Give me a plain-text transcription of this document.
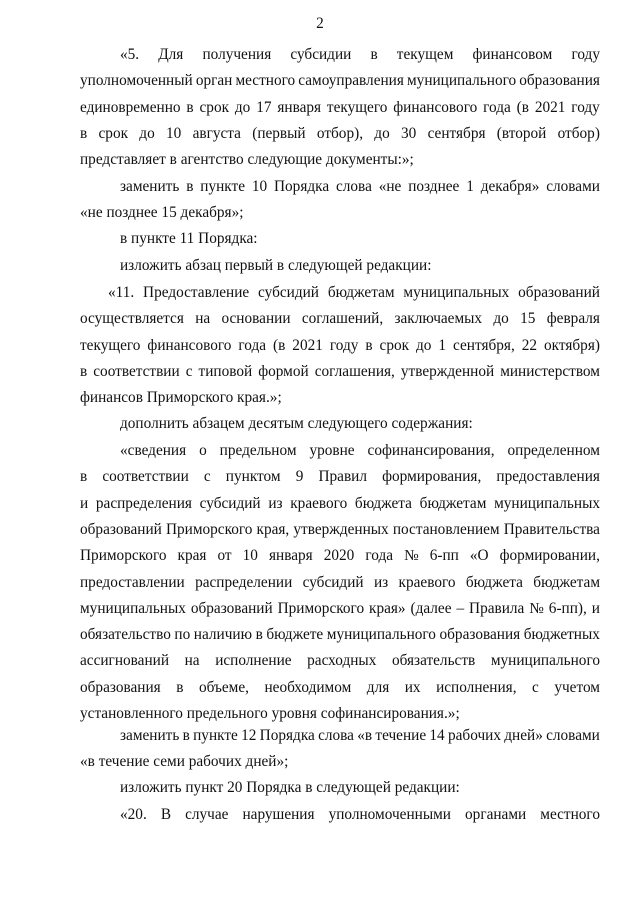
2
«5. Для получения субсидии в текущем финансовом году
уполномоченный орган местного самоуправления муниципального образования
единовременно в срок до 17 января текущего финансового года (в 2021 году
в срок до 10 августа (первый отбор), до 30 сентября (второй отбор)
представляет в агентство следующие документы:»;
заменить в пункте 10 Порядка слова «не позднее 1 декабря» словами
«не позднее 15 декабря»;
в пункте 11 Порядка:
изложить абзац первый в следующей редакции:
«11. Предоставление субсидий бюджетам муниципальных образований
осуществляется на основании соглашений, заключаемых до 15 февраля
текущего финансового года (в 2021 году в срок до 1 сентября, 22 октября)
в соответствии с типовой формой соглашения, утвержденной министерством
финансов Приморского края.»;
дополнить абзацем десятым следующего содержания:
«сведения о предельном уровне софинансирования, определенном
в соответствии с пунктом 9 Правил формирования, предоставления
и распределения субсидий из краевого бюджета бюджетам муниципальных
образований Приморского края, утвержденных постановлением Правительства
Приморского края от 10 января 2020 года № 6-пп «О формировании,
предоставлении распределении субсидий из краевого бюджета бюджетам
муниципальных образований Приморского края» (далее – Правила № 6-пп), и
обязательство по наличию в бюджете муниципального образования бюджетных
ассигнований на исполнение расходных обязательств муниципального
образования в объеме, необходимом для их исполнения, с учетом
установленного предельного уровня софинансирования.»;
заменить в пункте 12 Порядка слова «в течение 14 рабочих дней» словами
«в течение семи рабочих дней»;
изложить пункт 20 Порядка в следующей редакции:
«20. В случае нарушения уполномоченными органами местного
